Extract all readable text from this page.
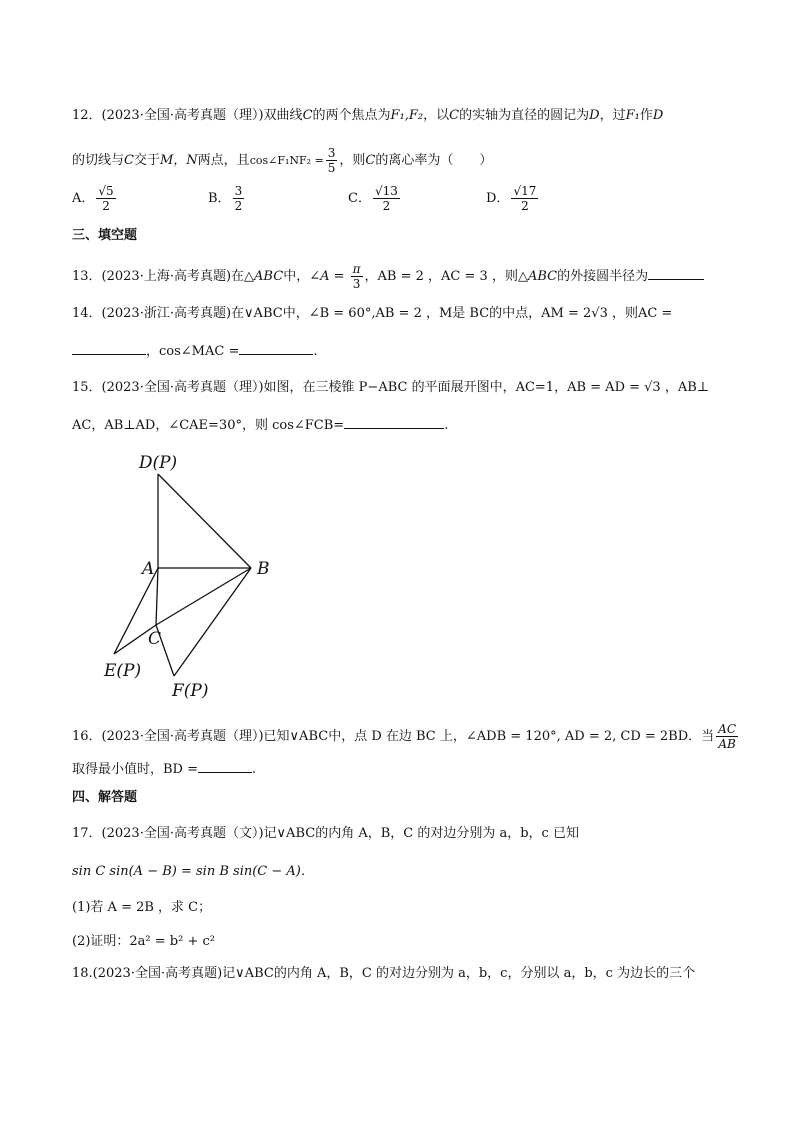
12．(2023·全国·高考真题（理）)双曲线C的两个焦点为F₁,F₂，以C的实轴为直径的圆记为D，过F₁作D
的切线与C交于M，N两点，且cos∠F₁NF₂ = $\frac{3}{5}$ ，则C的离心率为（　　）
A． $\frac{√5}{2}$	B． $\frac{3}{2}$	C． $\frac{√13}{2}$	D． $\frac{√17}{2}$
三、填空题
13．(2023·上海·高考真题)在△ABC中，∠A = $\frac{\pi}{3}$ ，AB = 2 ，AC = 3 ，则△ABC的外接圆半径为
14．(2023·浙江·高考真题)在∨ABC中，∠B = 60°,AB = 2 ，M是 BC的中点，AM = 2√3 ，则AC =
，cos∠MAC =	.
15．(2023·全国·高考真题（理）)如图，在三棱锥 P−ABC 的平面展开图中，AC=1，AB = AD = √3 ，AB⊥
AC，AB⊥AD，∠CAE=30°，则 cos∠FCB=	.
D(P)
A	B
C
E(P)
F(P)
16．(2023·全国·高考真题（理）)已知∨ABC中，点 D 在边 BC 上，∠ADB = 120°, AD = 2, CD = 2BD．当 $\frac{AC}{AB}$
取得最小值时，BD =	.
四、解答题
17．(2023·全国·高考真题（文）)记∨ABC的内角 A，B，C 的对边分别为 a，b，c 已知
sin C sin(A − B) = sin B sin(C − A)．
(1)若 A = 2B ，求 C；
(2)证明：2a² = b² + c²
18.(2023·全国·高考真题)记∨ABC的内角 A，B，C 的对边分别为 a，b，c，分别以 a，b，c 为边长的三个
